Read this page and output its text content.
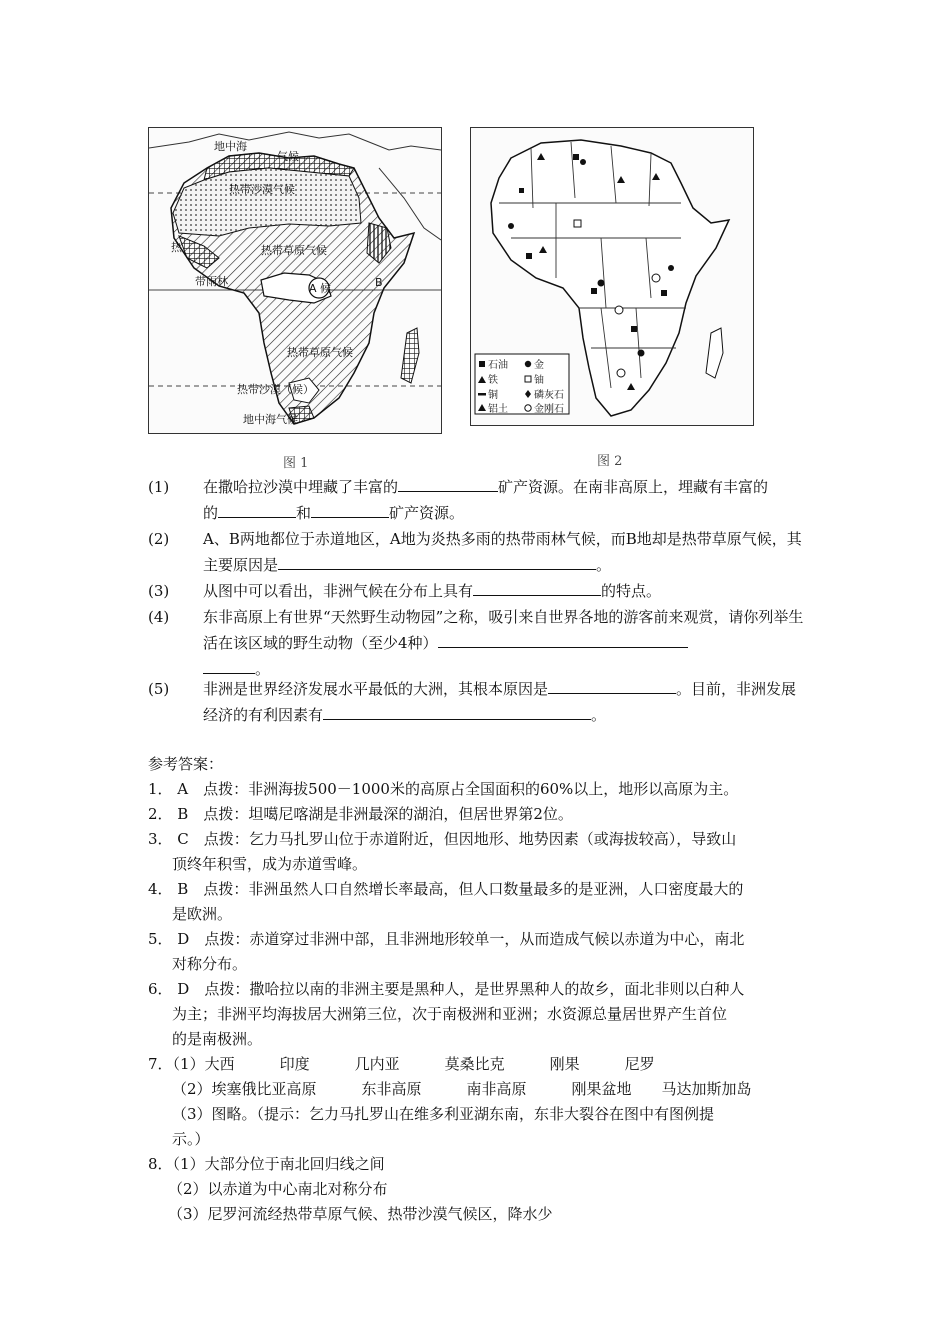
地中海
气候
热带沙漠气候
热带草原气候
带雨林
热
A 候	B
热带草原气候
热带沙漠（候）
地中海气候
图 1
石油	金
铁	铀
铜	磷灰石
铝土	金刚石
图 2
(1) 在撒哈拉沙漠中埋藏了丰富的	矿产资源。在南非高原上，埋藏有丰富的
的	和	矿产资源。
(2) A、B两地都位于赤道地区，A地为炎热多雨的热带雨林气候，而B地却是热带草原气候，其主要原因是	。
(3) 从图中可以看出，非洲气候在分布上具有	的特点。
(4) 东非高原上有世界“天然野生动物园”之称，吸引来自世界各地的游客前来观赏，请你列举生活在该区域的野生动物（至少4种）
。
(5) 非洲是世界经济发展水平最低的大洲，其根本原因是	。目前，非洲发展经济的有利因素有	。
参考答案：
1． A　点拨：非洲海拔500－1000米的高原占全国面积的60%以上，地形以高原为主。
2． B　点拨：坦噶尼喀湖是非洲最深的湖泊，但居世界第2位。
3． C　点拨：乞力马扎罗山位于赤道附近，但因地形、地势因素（或海拔较高），导致山
顶终年积雪，成为赤道雪峰。
4． B　点拨：非洲虽然人口自然增长率最高，但人口数量最多的是亚洲，人口密度最大的
是欧洲。
5． D　点拨：赤道穿过非洲中部，且非洲地形较单一，从而造成气候以赤道为中心，南北
对称分布。
6． D　点拨：撒哈拉以南的非洲主要是黑种人，是世界黑种人的故乡，面北非则以白种人
为主；非洲平均海拔居大洲第三位，次于南极洲和亚洲；水资源总量居世界产生首位
的是南极洲。
7．（1）大西　　　印度　　　几内亚　　　莫桑比克　　　刚果　　　尼罗
（2）埃塞俄比亚高原　　　东非高原　　　南非高原　　　刚果盆地　　马达加斯加岛
（3）图略。（提示：乞力马扎罗山在维多利亚湖东南，东非大裂谷在图中有图例提
示。）
8．（1）大部分位于南北回归线之间
（2）以赤道为中心南北对称分布
（3）尼罗河流经热带草原气候、热带沙漠气候区，降水少
